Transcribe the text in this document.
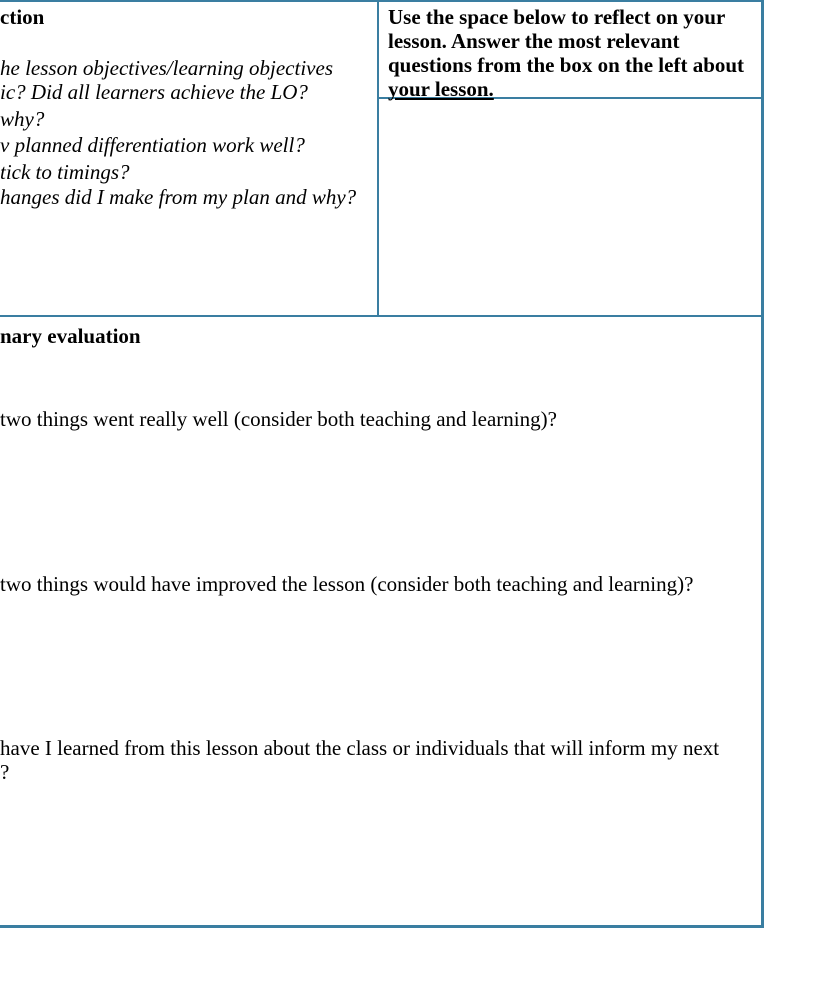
ction
he lesson objectives/learning objectives
ic? Did all learners achieve the LO?
why?
v planned differentiation work well?
tick to timings?
hanges did I make from my plan and why?
Use the space below to reflect on your
lesson. Answer the most relevant
questions from the box on the left about
your lesson.
nary evaluation
two things went really well (consider both teaching and learning)?
two things would have improved the lesson (consider both teaching and learning)?
have I learned from this lesson about the class or individuals that will inform my next
?
